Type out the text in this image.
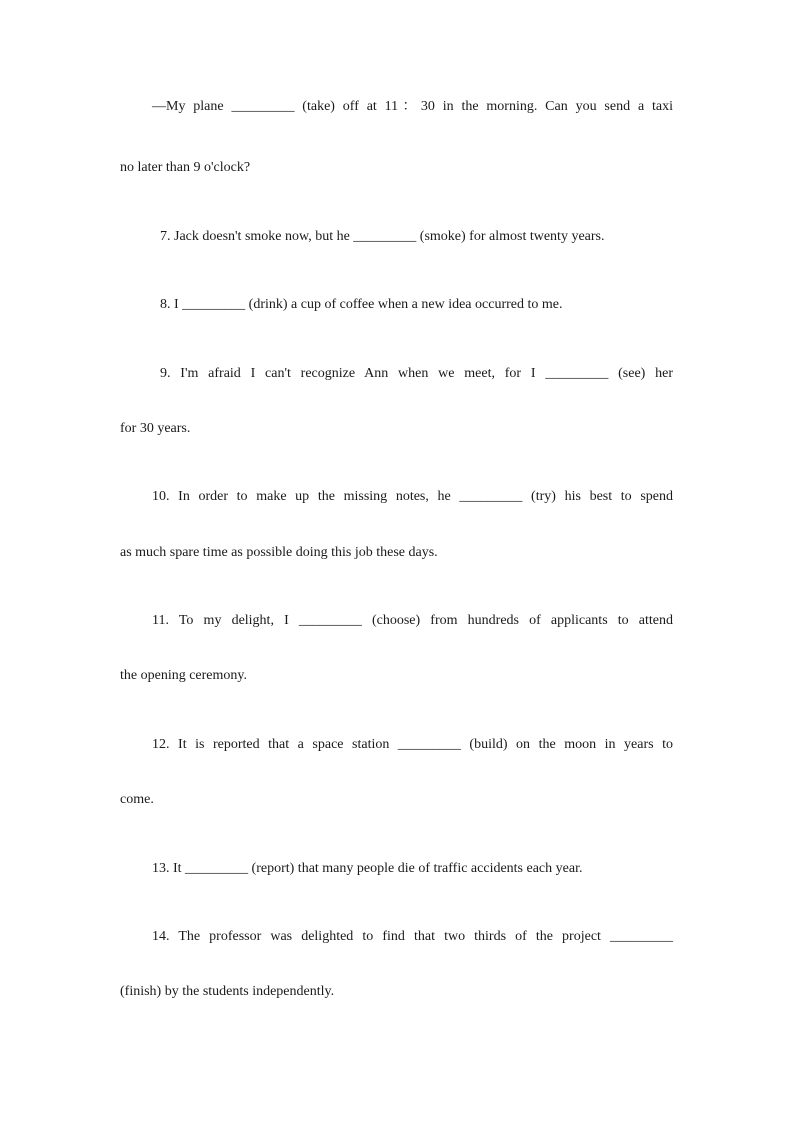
—My plane _________ (take) off at 11：30 in the morning. Can you send a taxi
no later than 9 o'clock?
7. Jack doesn't smoke now, but he _________ (smoke) for almost twenty years.
8. I _________ (drink) a cup of coffee when a new idea occurred to me.
9. I'm afraid I can't recognize Ann when we meet, for I _________ (see) her
for 30 years.
10. In order to make up the missing notes, he _________ (try) his best to spend
as much spare time as possible doing this job these days.
11. To my delight, I _________ (choose) from hundreds of applicants to attend
the opening ceremony.
12. It is reported that a space station _________ (build) on the moon in years to
come.
13. It _________ (report) that many people die of traffic accidents each year.
14. The professor was delighted to find that two thirds of the project _________
(finish) by the students independently.
